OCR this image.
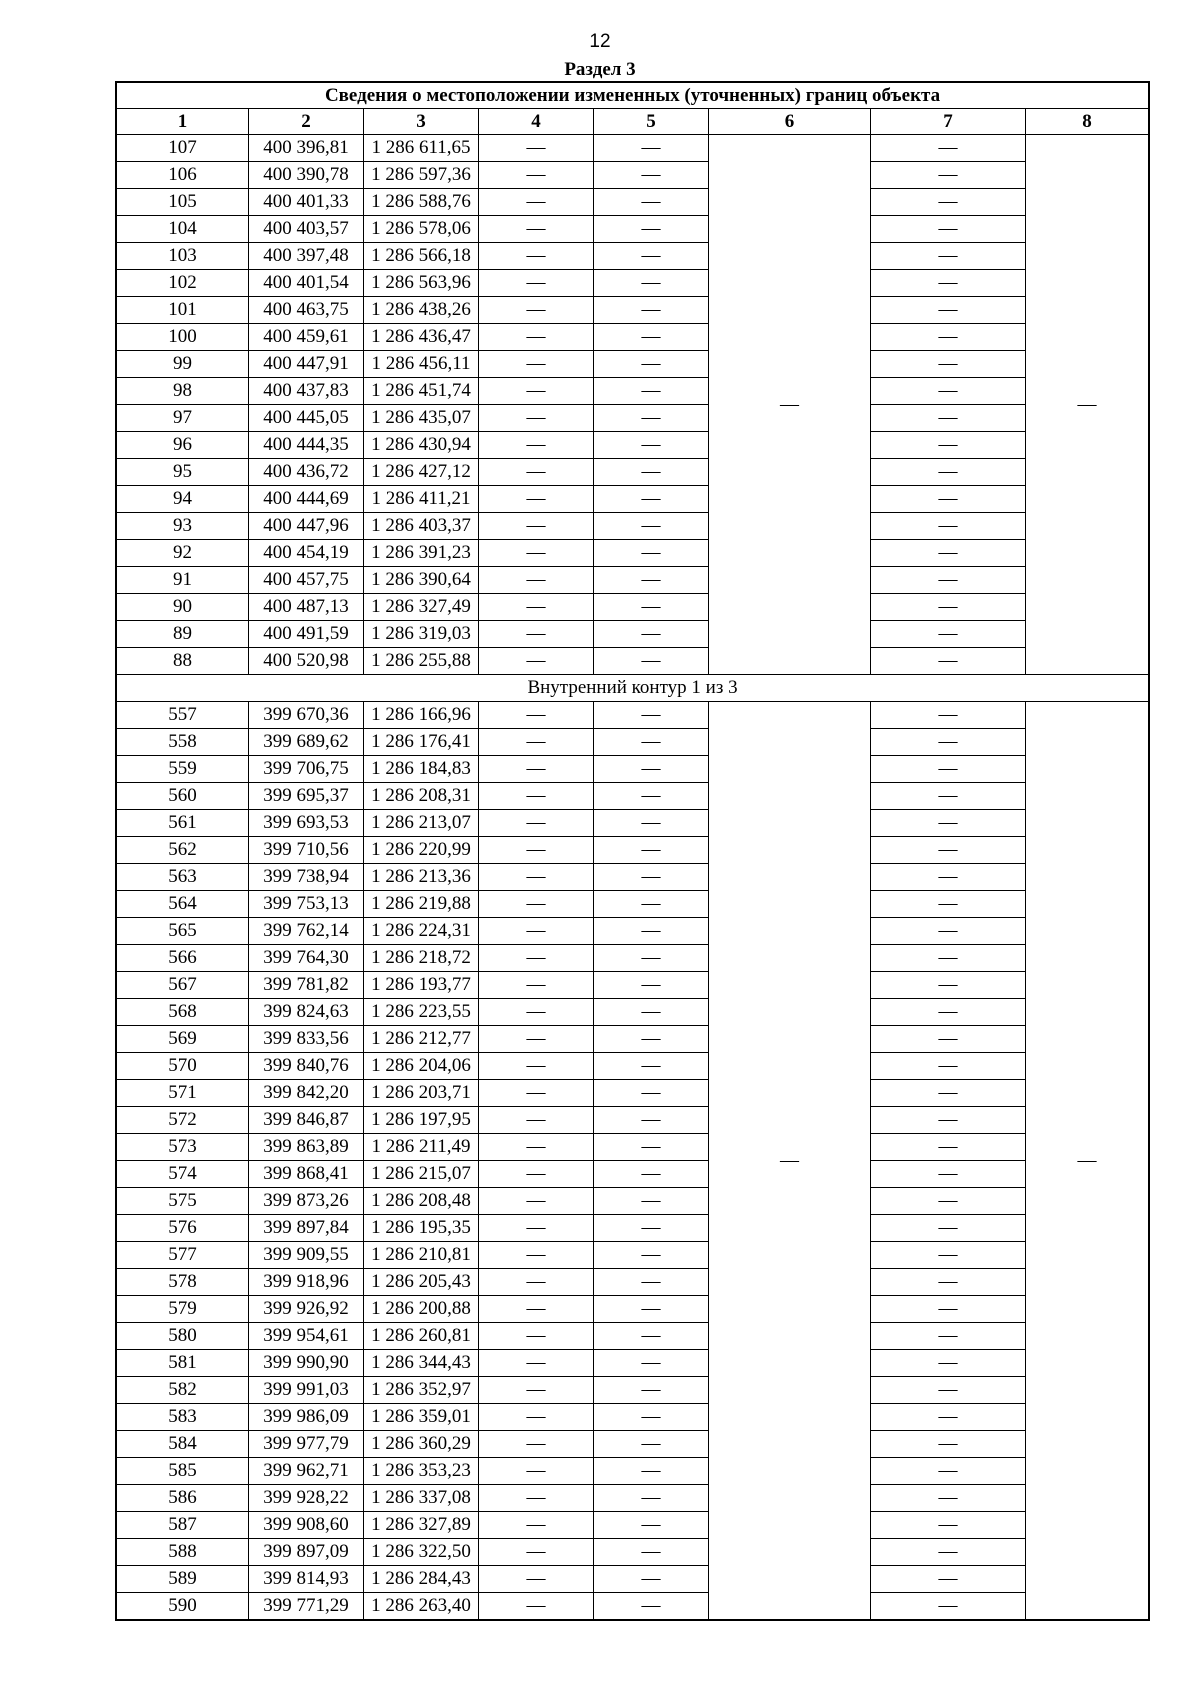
12
Раздел 3
Сведения о местоположении измененных (уточненных) границ объекта							
1	2	3	4	5	6	7	8
107	400 396,81	1 286 611,65	—	—	—	—	—
106	400 390,78	1 286 597,36	—	—		—	
105	400 401,33	1 286 588,76	—	—		—	
104	400 403,57	1 286 578,06	—	—		—	
103	400 397,48	1 286 566,18	—	—		—	
102	400 401,54	1 286 563,96	—	—		—	
101	400 463,75	1 286 438,26	—	—		—	
100	400 459,61	1 286 436,47	—	—		—	
99	400 447,91	1 286 456,11	—	—		—	
98	400 437,83	1 286 451,74	—	—		—	
97	400 445,05	1 286 435,07	—	—		—	
96	400 444,35	1 286 430,94	—	—		—	
95	400 436,72	1 286 427,12	—	—		—	
94	400 444,69	1 286 411,21	—	—		—	
93	400 447,96	1 286 403,37	—	—		—	
92	400 454,19	1 286 391,23	—	—		—	
91	400 457,75	1 286 390,64	—	—		—	
90	400 487,13	1 286 327,49	—	—		—	
89	400 491,59	1 286 319,03	—	—		—	
88	400 520,98	1 286 255,88	—	—		—	
Внутренний контур 1 из 3							
557	399 670,36	1 286 166,96	—	—	—	—	—
558	399 689,62	1 286 176,41	—	—		—	
559	399 706,75	1 286 184,83	—	—		—	
560	399 695,37	1 286 208,31	—	—		—	
561	399 693,53	1 286 213,07	—	—		—	
562	399 710,56	1 286 220,99	—	—		—	
563	399 738,94	1 286 213,36	—	—		—	
564	399 753,13	1 286 219,88	—	—		—	
565	399 762,14	1 286 224,31	—	—		—	
566	399 764,30	1 286 218,72	—	—		—	
567	399 781,82	1 286 193,77	—	—		—	
568	399 824,63	1 286 223,55	—	—		—	
569	399 833,56	1 286 212,77	—	—		—	
570	399 840,76	1 286 204,06	—	—		—	
571	399 842,20	1 286 203,71	—	—		—	
572	399 846,87	1 286 197,95	—	—		—	
573	399 863,89	1 286 211,49	—	—		—	
574	399 868,41	1 286 215,07	—	—		—	
575	399 873,26	1 286 208,48	—	—		—	
576	399 897,84	1 286 195,35	—	—		—	
577	399 909,55	1 286 210,81	—	—		—	
578	399 918,96	1 286 205,43	—	—		—	
579	399 926,92	1 286 200,88	—	—		—	
580	399 954,61	1 286 260,81	—	—		—	
581	399 990,90	1 286 344,43	—	—		—	
582	399 991,03	1 286 352,97	—	—		—	
583	399 986,09	1 286 359,01	—	—		—	
584	399 977,79	1 286 360,29	—	—		—	
585	399 962,71	1 286 353,23	—	—		—	
586	399 928,22	1 286 337,08	—	—		—	
587	399 908,60	1 286 327,89	—	—		—	
588	399 897,09	1 286 322,50	—	—		—	
589	399 814,93	1 286 284,43	—	—		—	
590	399 771,29	1 286 263,40	—	—		—	
